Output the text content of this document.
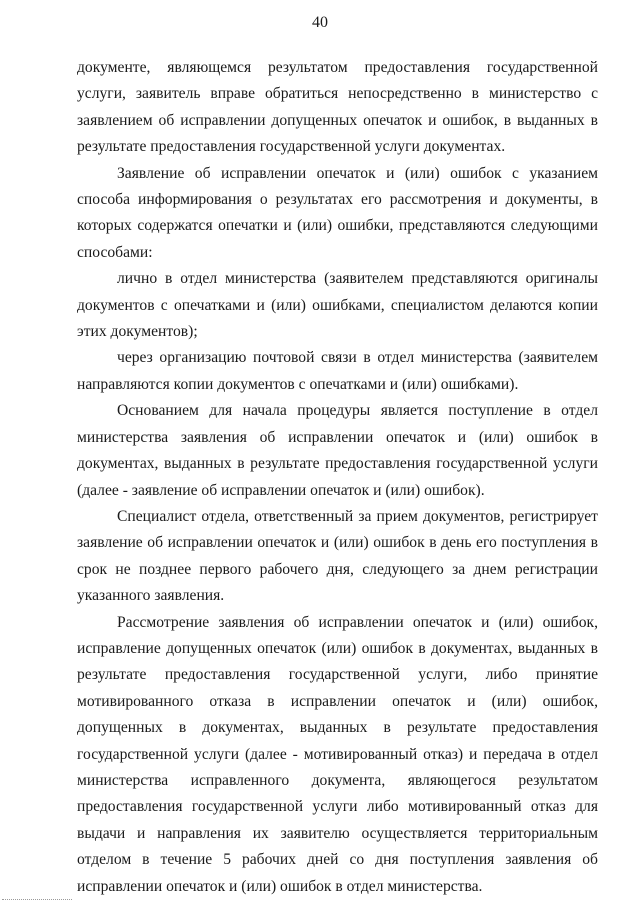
40

документе, являющемся результатом предоставления государственной услуги, заявитель вправе обратиться непосредственно в министерство с заявлением об исправлении допущенных опечаток и ошибок, в выданных в результате предоставления государственной услуги документах.

Заявление об исправлении опечаток и (или) ошибок с указанием способа информирования о результатах его рассмотрения и документы, в которых содержатся опечатки и (или) ошибки, представляются следующими способами:

лично в отдел министерства (заявителем представляются оригиналы документов с опечатками и (или) ошибками, специалистом делаются копии этих документов);

через организацию почтовой связи в отдел министерства (заявителем направляются копии документов с опечатками и (или) ошибками).

Основанием для начала процедуры является поступление в отдел министерства заявления об исправлении опечаток и (или) ошибок в документах, выданных в результате предоставления государственной услуги (далее - заявление об исправлении опечаток и (или) ошибок).

Специалист отдела, ответственный за прием документов, регистрирует заявление об исправлении опечаток и (или) ошибок в день его поступления в срок не позднее первого рабочего дня, следующего за днем регистрации указанного заявления.

Рассмотрение заявления об исправлении опечаток и (или) ошибок, исправление допущенных опечаток (или) ошибок в документах, выданных в результате предоставления государственной услуги, либо принятие мотивированного отказа в исправлении опечаток и (или) ошибок, допущенных в документах, выданных в результате предоставления государственной услуги (далее - мотивированный отказ) и передача в отдел министерства исправленного документа, являющегося результатом предоставления государственной услуги либо мотивированный отказ для выдачи и направления их заявителю осуществляется территориальным отделом в течение 5 рабочих дней со дня поступления заявления об исправлении опечаток и (или) ошибок в отдел министерства.
